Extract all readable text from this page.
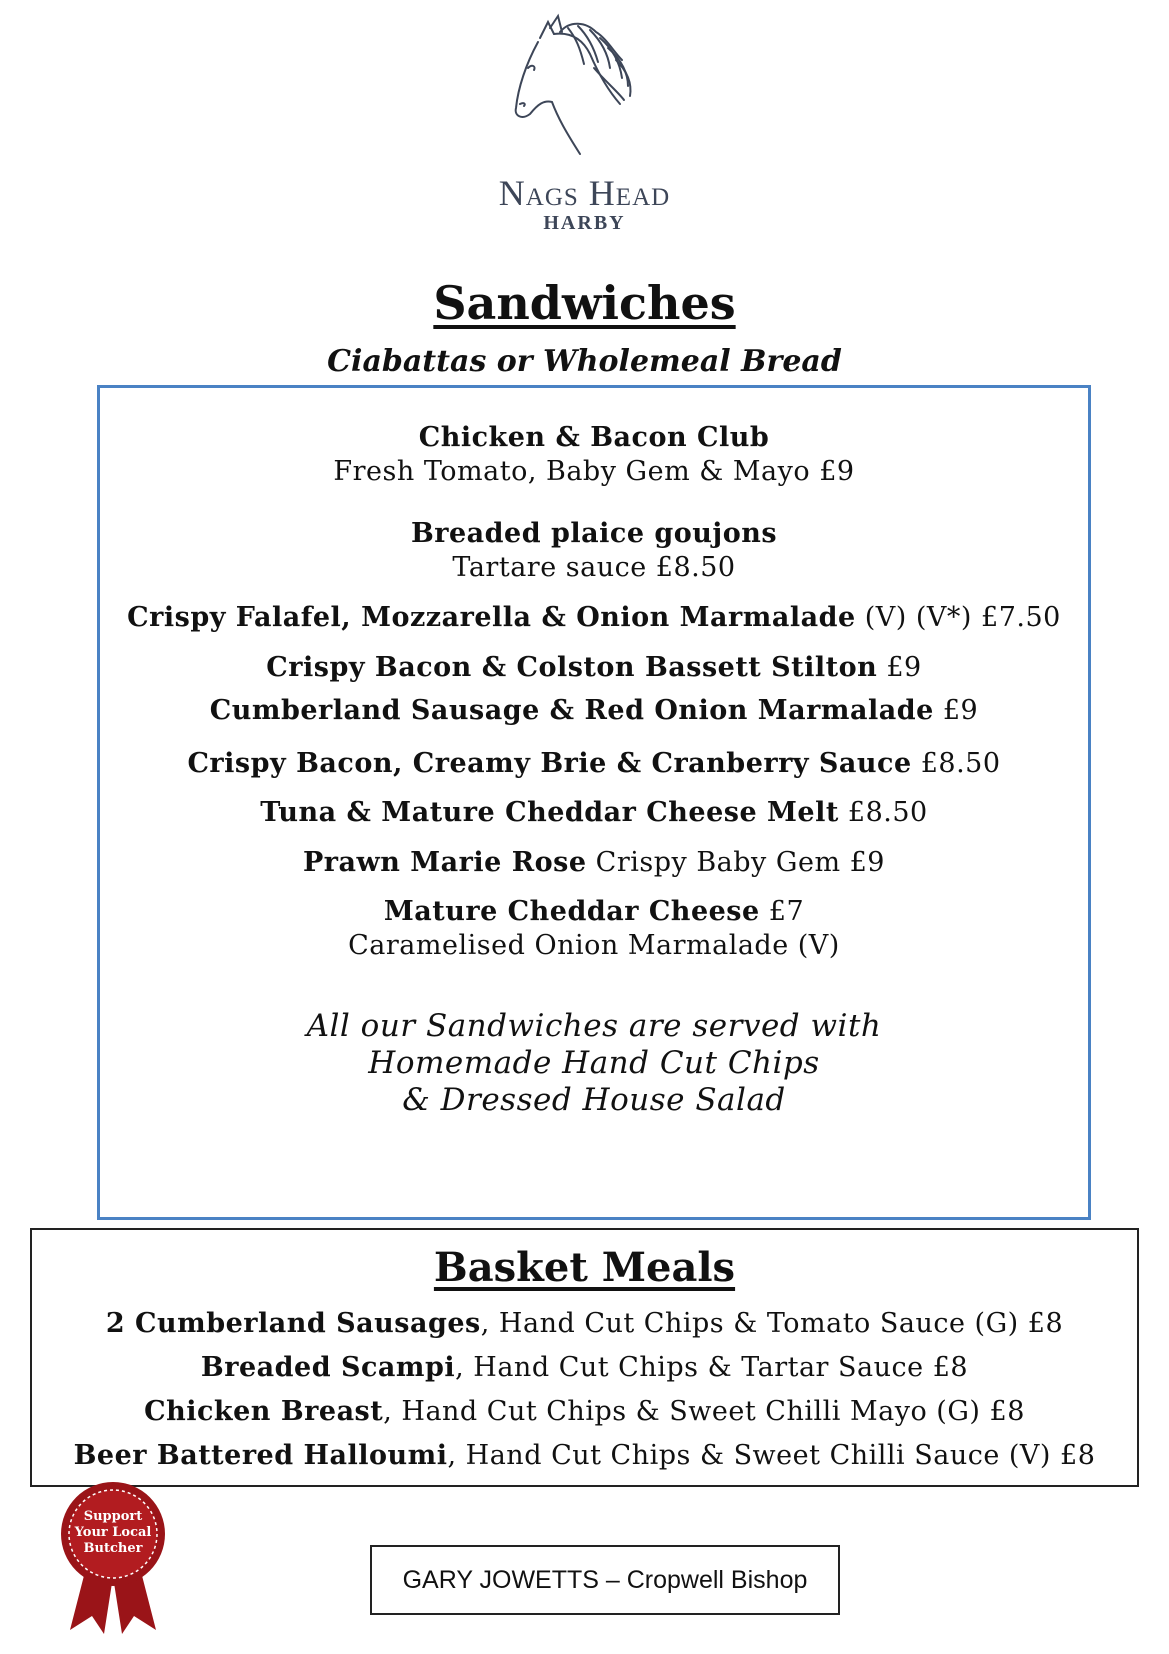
Nags Head
HARBY
Sandwiches
Ciabattas or Wholemeal Bread
Chicken & Bacon Club
Fresh Tomato, Baby Gem & Mayo £9
Breaded plaice goujons
Tartare sauce £8.50
Crispy Falafel, Mozzarella & Onion Marmalade (V) (V*) £7.50
Crispy Bacon & Colston Bassett Stilton £9
Cumberland Sausage & Red Onion Marmalade £9
Crispy Bacon, Creamy Brie & Cranberry Sauce £8.50
Tuna & Mature Cheddar Cheese Melt £8.50
Prawn Marie Rose Crispy Baby Gem £9
Mature Cheddar Cheese £7
Caramelised Onion Marmalade (V)
All our Sandwiches are served with
Homemade Hand Cut Chips
& Dressed House Salad
Basket Meals
2 Cumberland Sausages, Hand Cut Chips & Tomato Sauce (G) £8
Breaded Scampi, Hand Cut Chips & Tartar Sauce £8
Chicken Breast, Hand Cut Chips & Sweet Chilli Mayo (G) £8
Beer Battered Halloumi, Hand Cut Chips & Sweet Chilli Sauce (V) £8
Support
Your Local
Butcher
GARY JOWETTS – Cropwell Bishop
